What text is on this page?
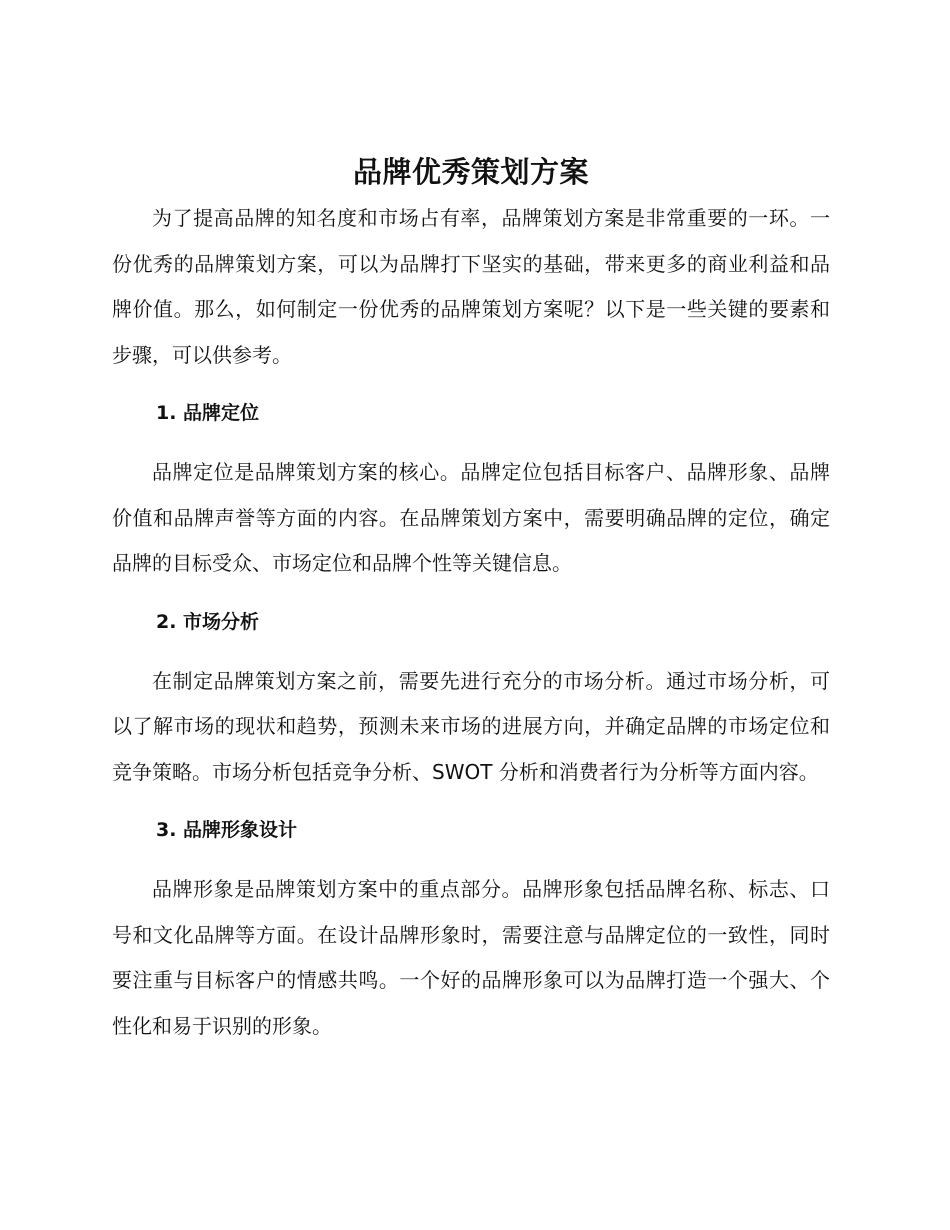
品牌优秀策划方案

为了提高品牌的知名度和市场占有率，品牌策划方案是非常重要的一环。一份优秀的品牌策划方案，可以为品牌打下坚实的基础，带来更多的商业利益和品牌价值。那么，如何制定一份优秀的品牌策划方案呢？以下是一些关键的要素和步骤，可以供参考。

1. 品牌定位

品牌定位是品牌策划方案的核心。品牌定位包括目标客户、品牌形象、品牌价值和品牌声誉等方面的内容。在品牌策划方案中，需要明确品牌的定位，确定品牌的目标受众、市场定位和品牌个性等关键信息。

2. 市场分析

在制定品牌策划方案之前，需要先进行充分的市场分析。通过市场分析，可以了解市场的现状和趋势，预测未来市场的进展方向，并确定品牌的市场定位和竞争策略。市场分析包括竞争分析、SWOT 分析和消费者行为分析等方面内容。

3. 品牌形象设计

品牌形象是品牌策划方案中的重点部分。品牌形象包括品牌名称、标志、口号和文化品牌等方面。在设计品牌形象时，需要注意与品牌定位的一致性，同时要注重与目标客户的情感共鸣。一个好的品牌形象可以为品牌打造一个强大、个性化和易于识别的形象。
